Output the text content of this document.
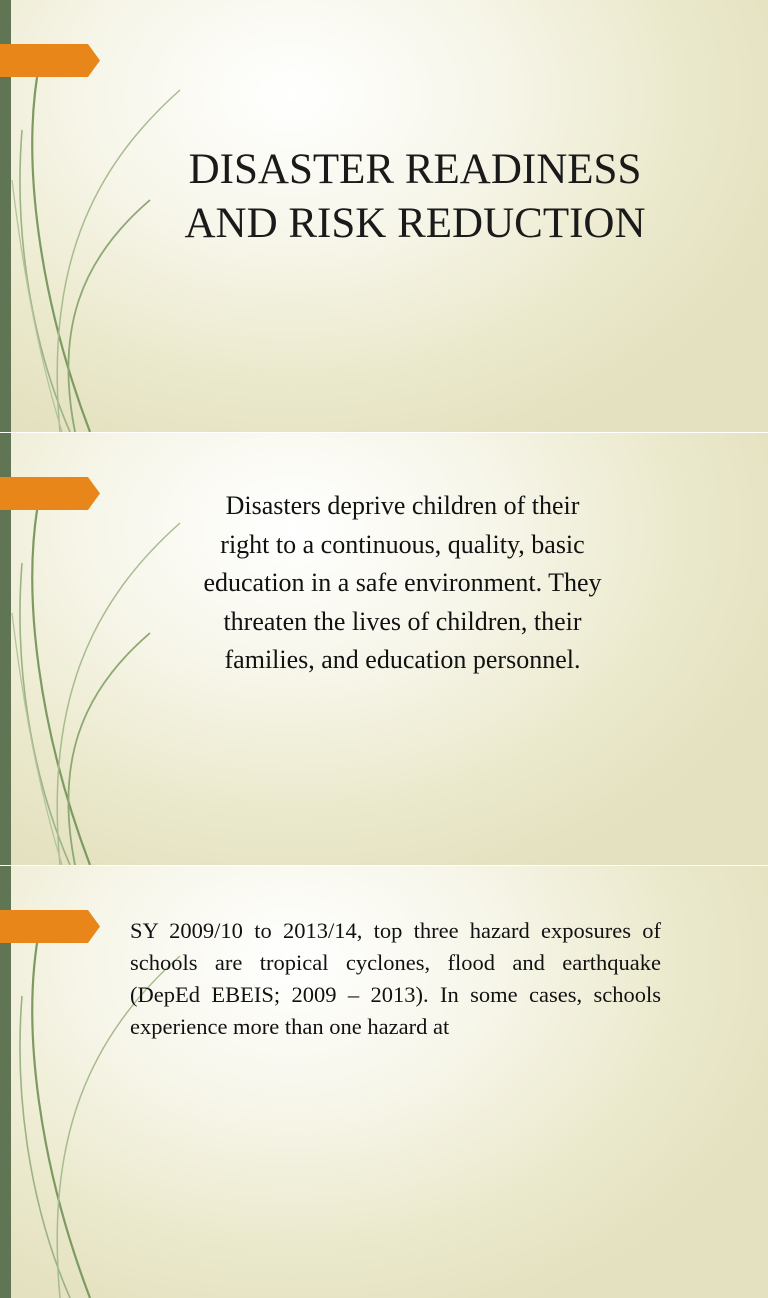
DISASTER READINESS
AND RISK REDUCTION

Disasters deprive children of their right to a continuous, quality, basic education in a safe environment. They threaten the lives of children, their families, and education personnel.

SY 2009/10 to 2013/14, top three hazard exposures of schools are tropical cyclones, flood and earthquake (DepEd EBEIS; 2009 – 2013). In some cases, schools experience more than one hazard at
